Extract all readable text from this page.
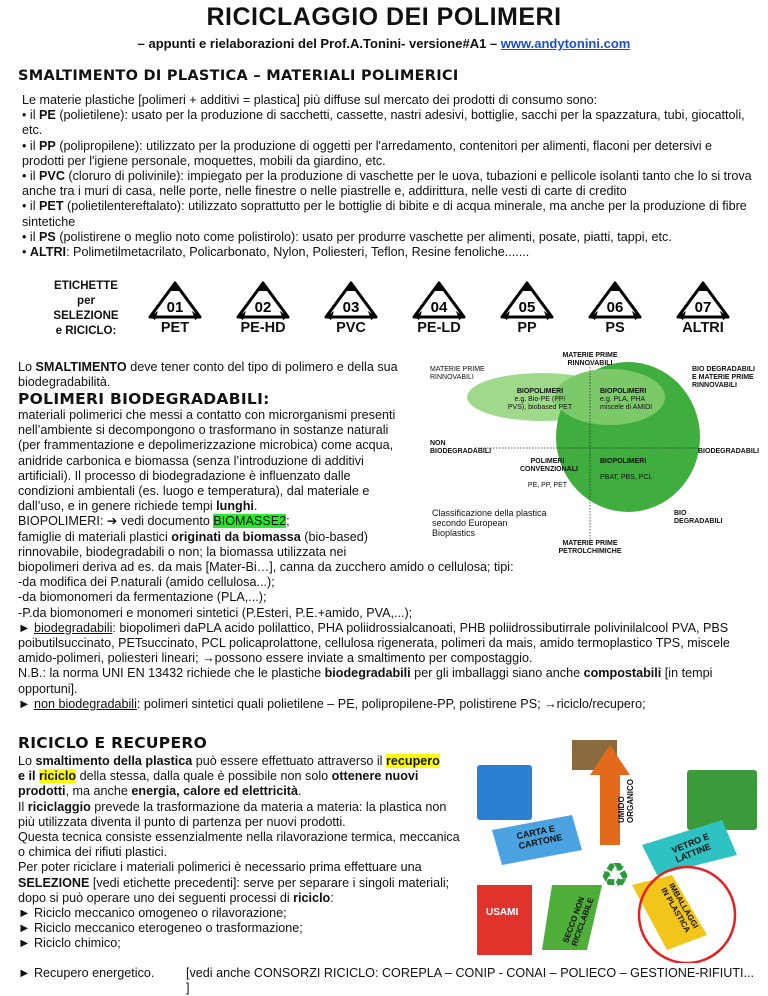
RICICLAGGIO DEI POLIMERI
– appunti e rielaborazioni del Prof.A.Tonini- versione#A1 – www.andytonini.com
SMALTIMENTO DI PLASTICA – MATERIALI POLIMERICI

Le materie plastiche [polimeri + additivi = plastica] più diffuse sul mercato dei prodotti di consumo sono:

• il PE (polietilene): usato per la produzione di sacchetti, cassette, nastri adesivi, bottiglie, sacchi per la spazzatura, tubi, giocattoli, etc.

• il PP (polipropilene): utilizzato per la produzione di oggetti per l'arredamento, contenitori per alimenti, flaconi per detersivi e prodotti per l'igiene personale, moquettes, mobili da giardino, etc.

• il PVC (cloruro di polivinile): impiegato per la produzione di vaschette per le uova, tubazioni e pellicole isolanti tanto che lo si trova anche tra i muri di casa, nelle porte, nelle finestre o nelle piastrelle e, addirittura, nelle vesti di carte di credito

• il PET (polietilentereftalato): utilizzato soprattutto per le bottiglie di bibite e di acqua minerale, ma anche per la produzione di fibre sintetiche

• il PS (polistirene o meglio noto come polistirolo): usato per produrre vaschette per alimenti, posate, piatti, tappi, etc.

• ALTRI: Polimetilmetacrilato, Policarbonato, Nylon, Poliesteri, Teflon, Resine fenoliche.......

ETICHETTE
per
SELEZIONE
e RICICLO:
01
PET
02
PE-HD
03
PVC
04
PE-LD
05
PP
06
PS
07
ALTRI
Lo SMALTIMENTO deve tener conto del tipo di polimero e della sua biodegradabilità.
POLIMERI BIODEGRADABILI:

materiali polimerici che messi a contatto con microrganismi presenti

nell’ambiente si decompongono o trasformano in sostanze naturali

(per frammentazione e depolimerizzazione microbica) come acqua,

anidride carbonica e biomassa (senza l’introduzione di additivi

artificiali). Il processo di biodegradazione è influenzato dalle

condizioni ambientali (es. luogo e temperatura), dal materiale e

dall’uso, e in genere richiede tempi lunghi.

BIOPOLIMERI: ➔ vedi documento BIOMASSE2;

famiglie di materiali plastici originati da biomassa (bio-based)

rinnovabile, biodegradabili o non; la biomassa utilizzata nei

biopolimeri deriva ad es. da mais [Mater-Bi…], canna da zucchero amido o cellulosa; tipi:

-da modifica dei P.naturali (amido cellulosa...);

-da biomonomeri da fermentazione (PLA,...);

-P.da biomonomeri e monomeri sintetici (P.Esteri, P.E.+amido, PVA,...);

► biodegradabili: biopolimeri daPLA acido polilattico, PHA poliidrossialcanoati, PHB poliidrossibutirrale polivinilalcool PVA, PBS poibutilsuccinato, PETsuccinato, PCL policaprolattone, cellulosa rigenerata, polimeri da mais, amido termoplastico TPS, miscele amido-polimeri, poliesteri lineari; →possono essere inviate a smaltimento per compostaggio.

N.B.: la norma UNI EN 13432 richiede che le plastiche biodegradabili per gli imballaggi siano anche compostabili [in tempi opportuni].

► non biodegradabili: polimeri sintetici quali polietilene – PE, polipropilene-PP, polistirene PS; →riciclo/recupero;

MATERIE PRIME RINNOVABILI
MATERIE PRIME RINNOVABILI
BIO DEGRADABILI E MATERIE PRIME RINNOVABILI
BIOPOLIMERI
e.g. Bio-PE (PP/ PVS), biobased PET
BIOPOLIMERI
e.g. PLA, PHA miscele di AMIDI
NON BIODEGRADABILI	BIODEGRADABILI
POLIMERI CONVENZIONALI
PE, PP, PET
BIOPOLIMERI

PBAT, PBS, PCL
Classificazione della plastica secondo European Bioplastics
BIO DEGRADABILI
MATERIE PRIME PETROLCHIMICHE
RICICLO E RECUPERO

Lo smaltimento della plastica può essere effettuato attraverso il recupero
e il riciclo della stessa, dalla quale è possibile non solo ottenere nuovi prodotti, ma anche energia, calore ed elettricità.

Il riciclaggio prevede la trasformazione da materia a materia: la plastica non più utilizzata diventa il punto di partenza per nuovi prodotti.

Questa tecnica consiste essenzialmente nella rilavorazione termica, meccanica o chimica dei rifiuti plastici.

Per poter riciclare i materiali polimerici è necessario prima effettuare una SELEZIONE [vedi etichette precedenti]: serve per separare i singoli materiali; dopo si può operare uno dei seguenti processi di riciclo:

► Riciclo meccanico omogeneo o rilavorazione;

► Riciclo meccanico eterogeneo o trasformazione;

► Riciclo chimico;

► Recupero energetico.	[vedi anche CONSORZI RICICLO: COREPLA – CONIP - CONAI – POLIECO – GESTIONE-RIFIUTI... ]
♻
UMIDO ORGANICO
CARTA E CARTONE	VETRO E LATTINE
SECCO NON RICICLABILE	IMBALLAGGI IN PLASTICA
USAMI
